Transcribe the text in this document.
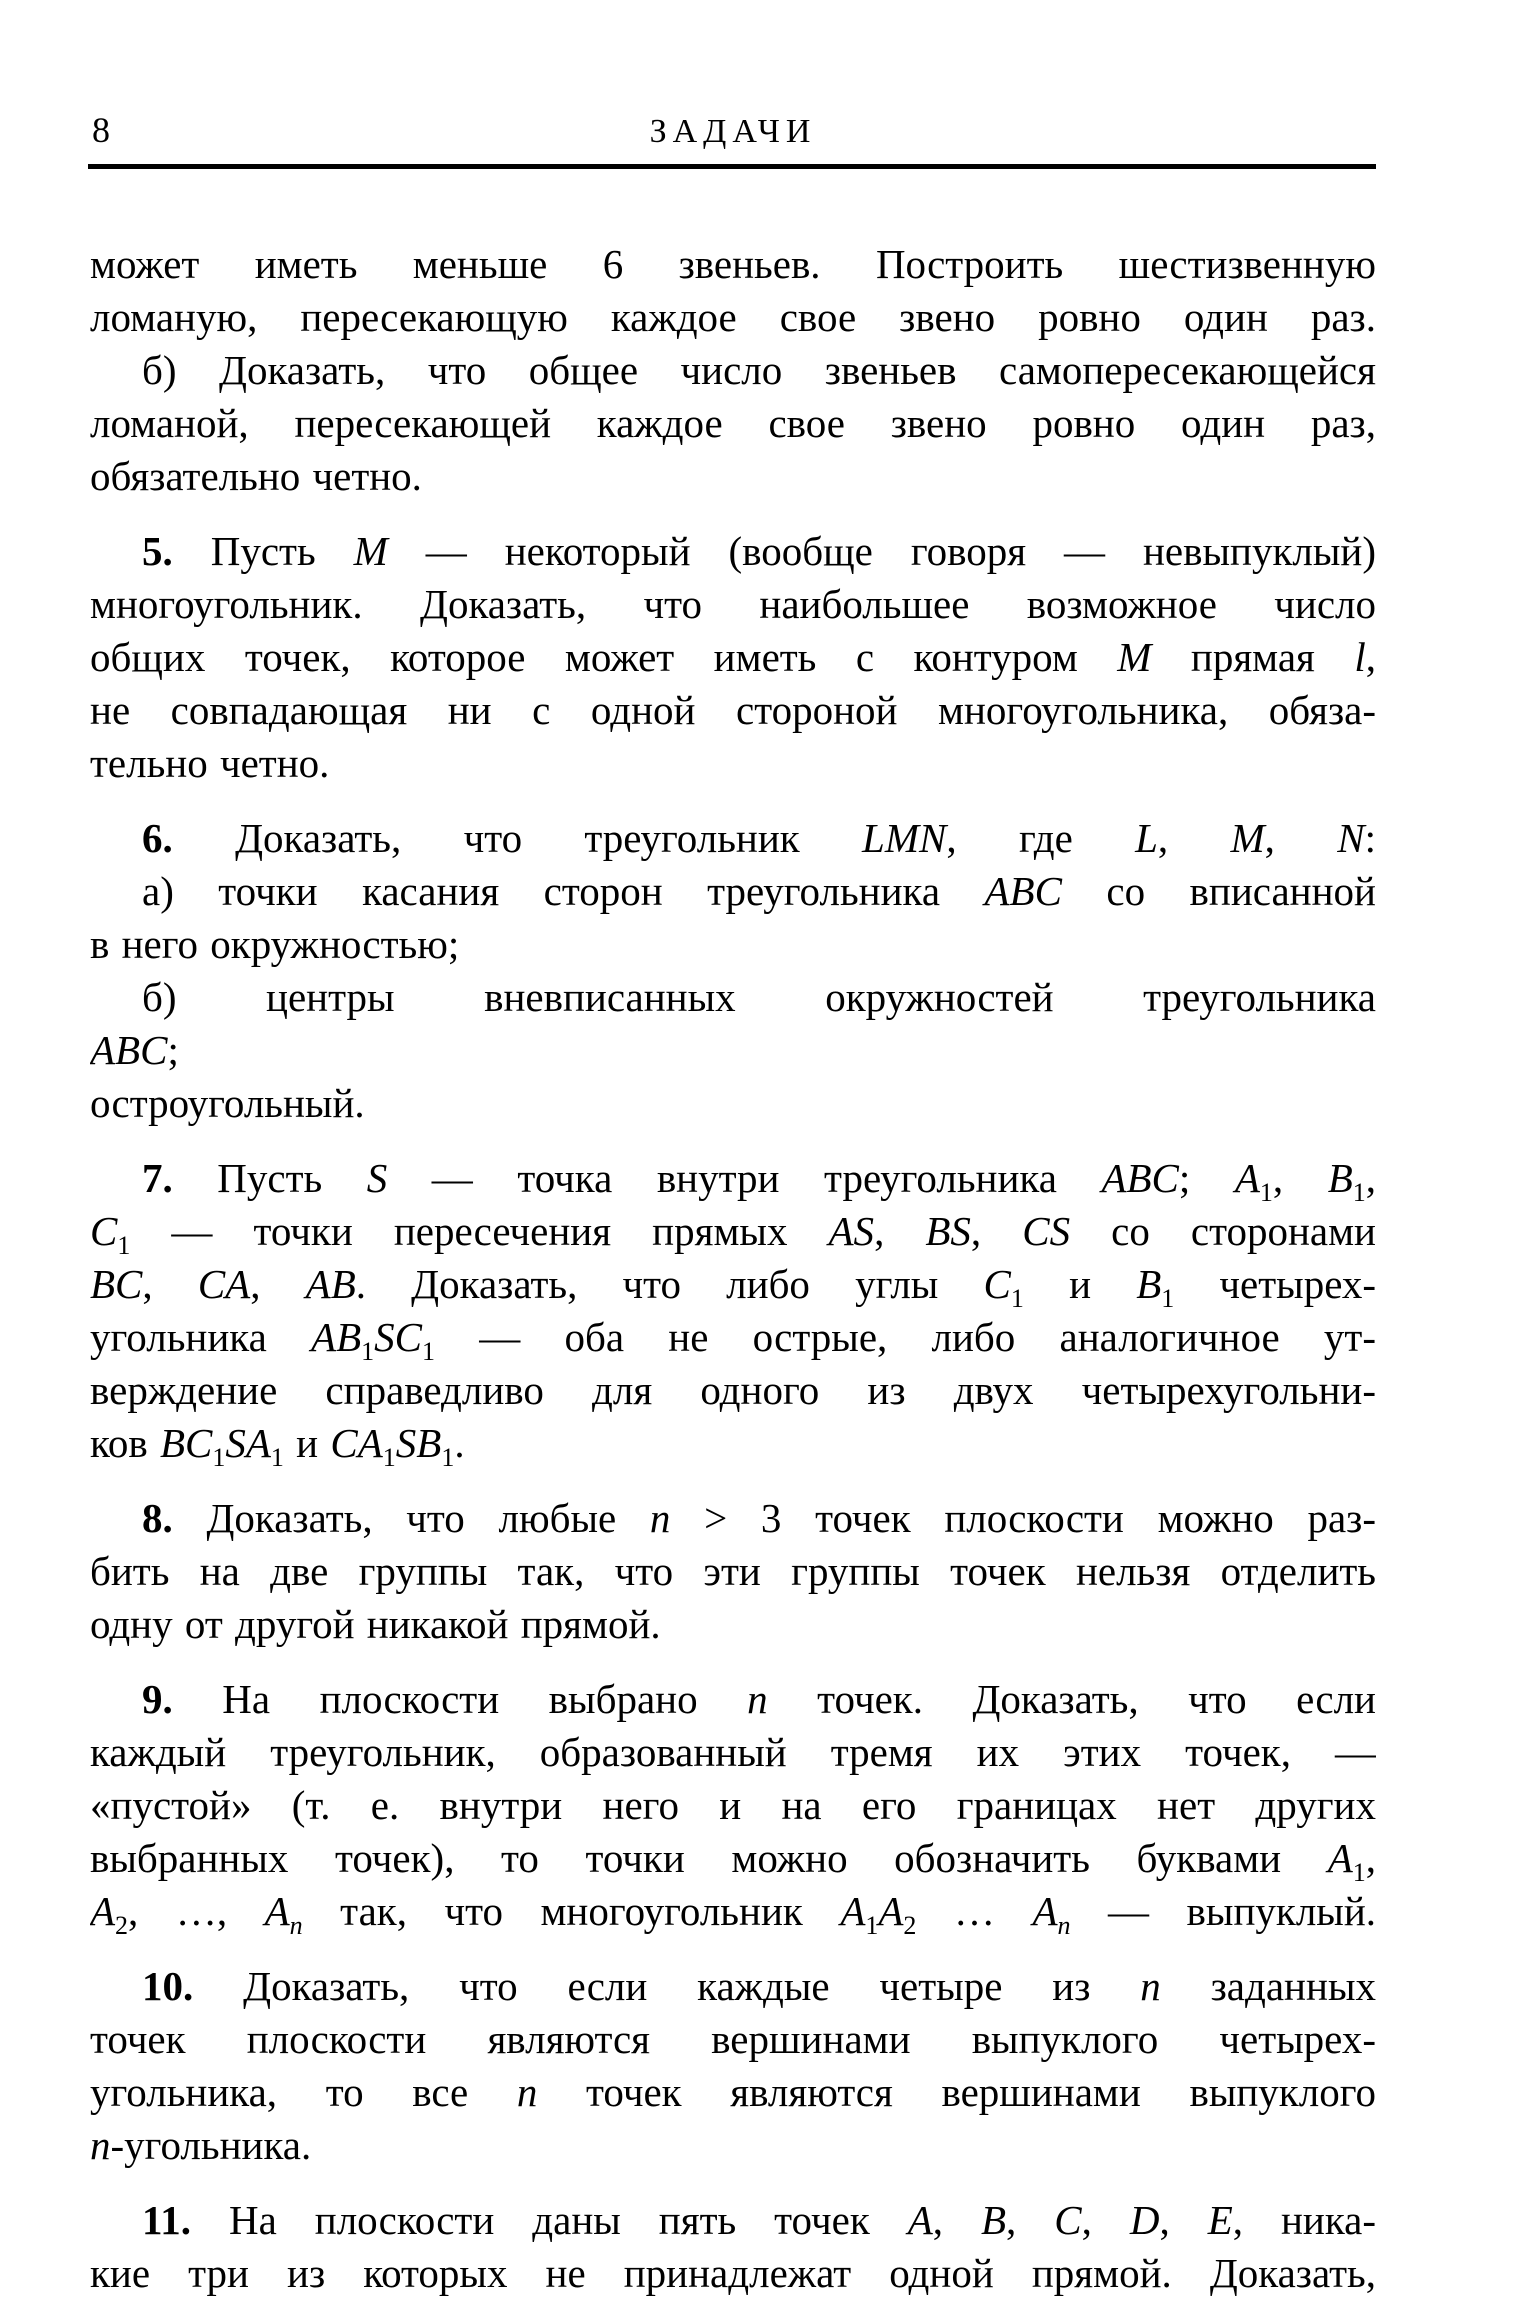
8	ЗАДАЧИ
может иметь меньше 6 звеньев. Построить шестизвенную
ломаную, пересекающую каждое свое звено ровно один раз.
б) Доказать, что общее число звеньев самопересекающейся
ломаной, пересекающей каждое свое звено ровно один раз,
обязательно четно.
5. Пусть M — некоторый (вообще говоря — невыпуклый)
многоугольник. Доказать, что наибольшее возможное число
общих точек, которое может иметь с контуром M прямая l,
не совпадающая ни с одной стороной многоугольника, обяза-
тельно четно.
6. Доказать, что треугольник LMN, где L, M, N:
а) точки касания сторон треугольника ABC со вписанной
в него окружностью;
б) центры вневписанных окружностей треугольника
ABC;
остроугольный.
7. Пусть S — точка внутри треугольника ABC; $A_1$, $B_1$,
$C_1$ — точки пересечения прямых AS, BS, CS со сторонами
BC, CA, AB. Доказать, что либо углы $C_1$ и $B_1$ четырех-
угольника $AB_1SC_1$ — оба не острые, либо аналогичное ут-
верждение справедливо для одного из двух четырехугольни-
ков $BC_1SA_1$ и $CA_1SB_1$.
8. Доказать, что любые n > 3 точек плоскости можно раз-
бить на две группы так, что эти группы точек нельзя отделить
одну от другой никакой прямой.
9. На плоскости выбрано n точек. Доказать, что если
каждый треугольник, образованный тремя их этих точек, —
«пустой» (т. е. внутри него и на его границах нет других
выбранных точек), то точки можно обозначить буквами $A_1$,
$A_2$, …, $A_n$ так, что многоугольник $A_1A_2$ … $A_n$ — выпуклый.
10. Доказать, что если каждые четыре из n заданных
точек плоскости являются вершинами выпуклого четырех-
угольника, то все n точек являются вершинами выпуклого
n-угольника.
11. На плоскости даны пять точек A, B, C, D, E, ника-
кие три из которых не принадлежат одной прямой. Доказать,
